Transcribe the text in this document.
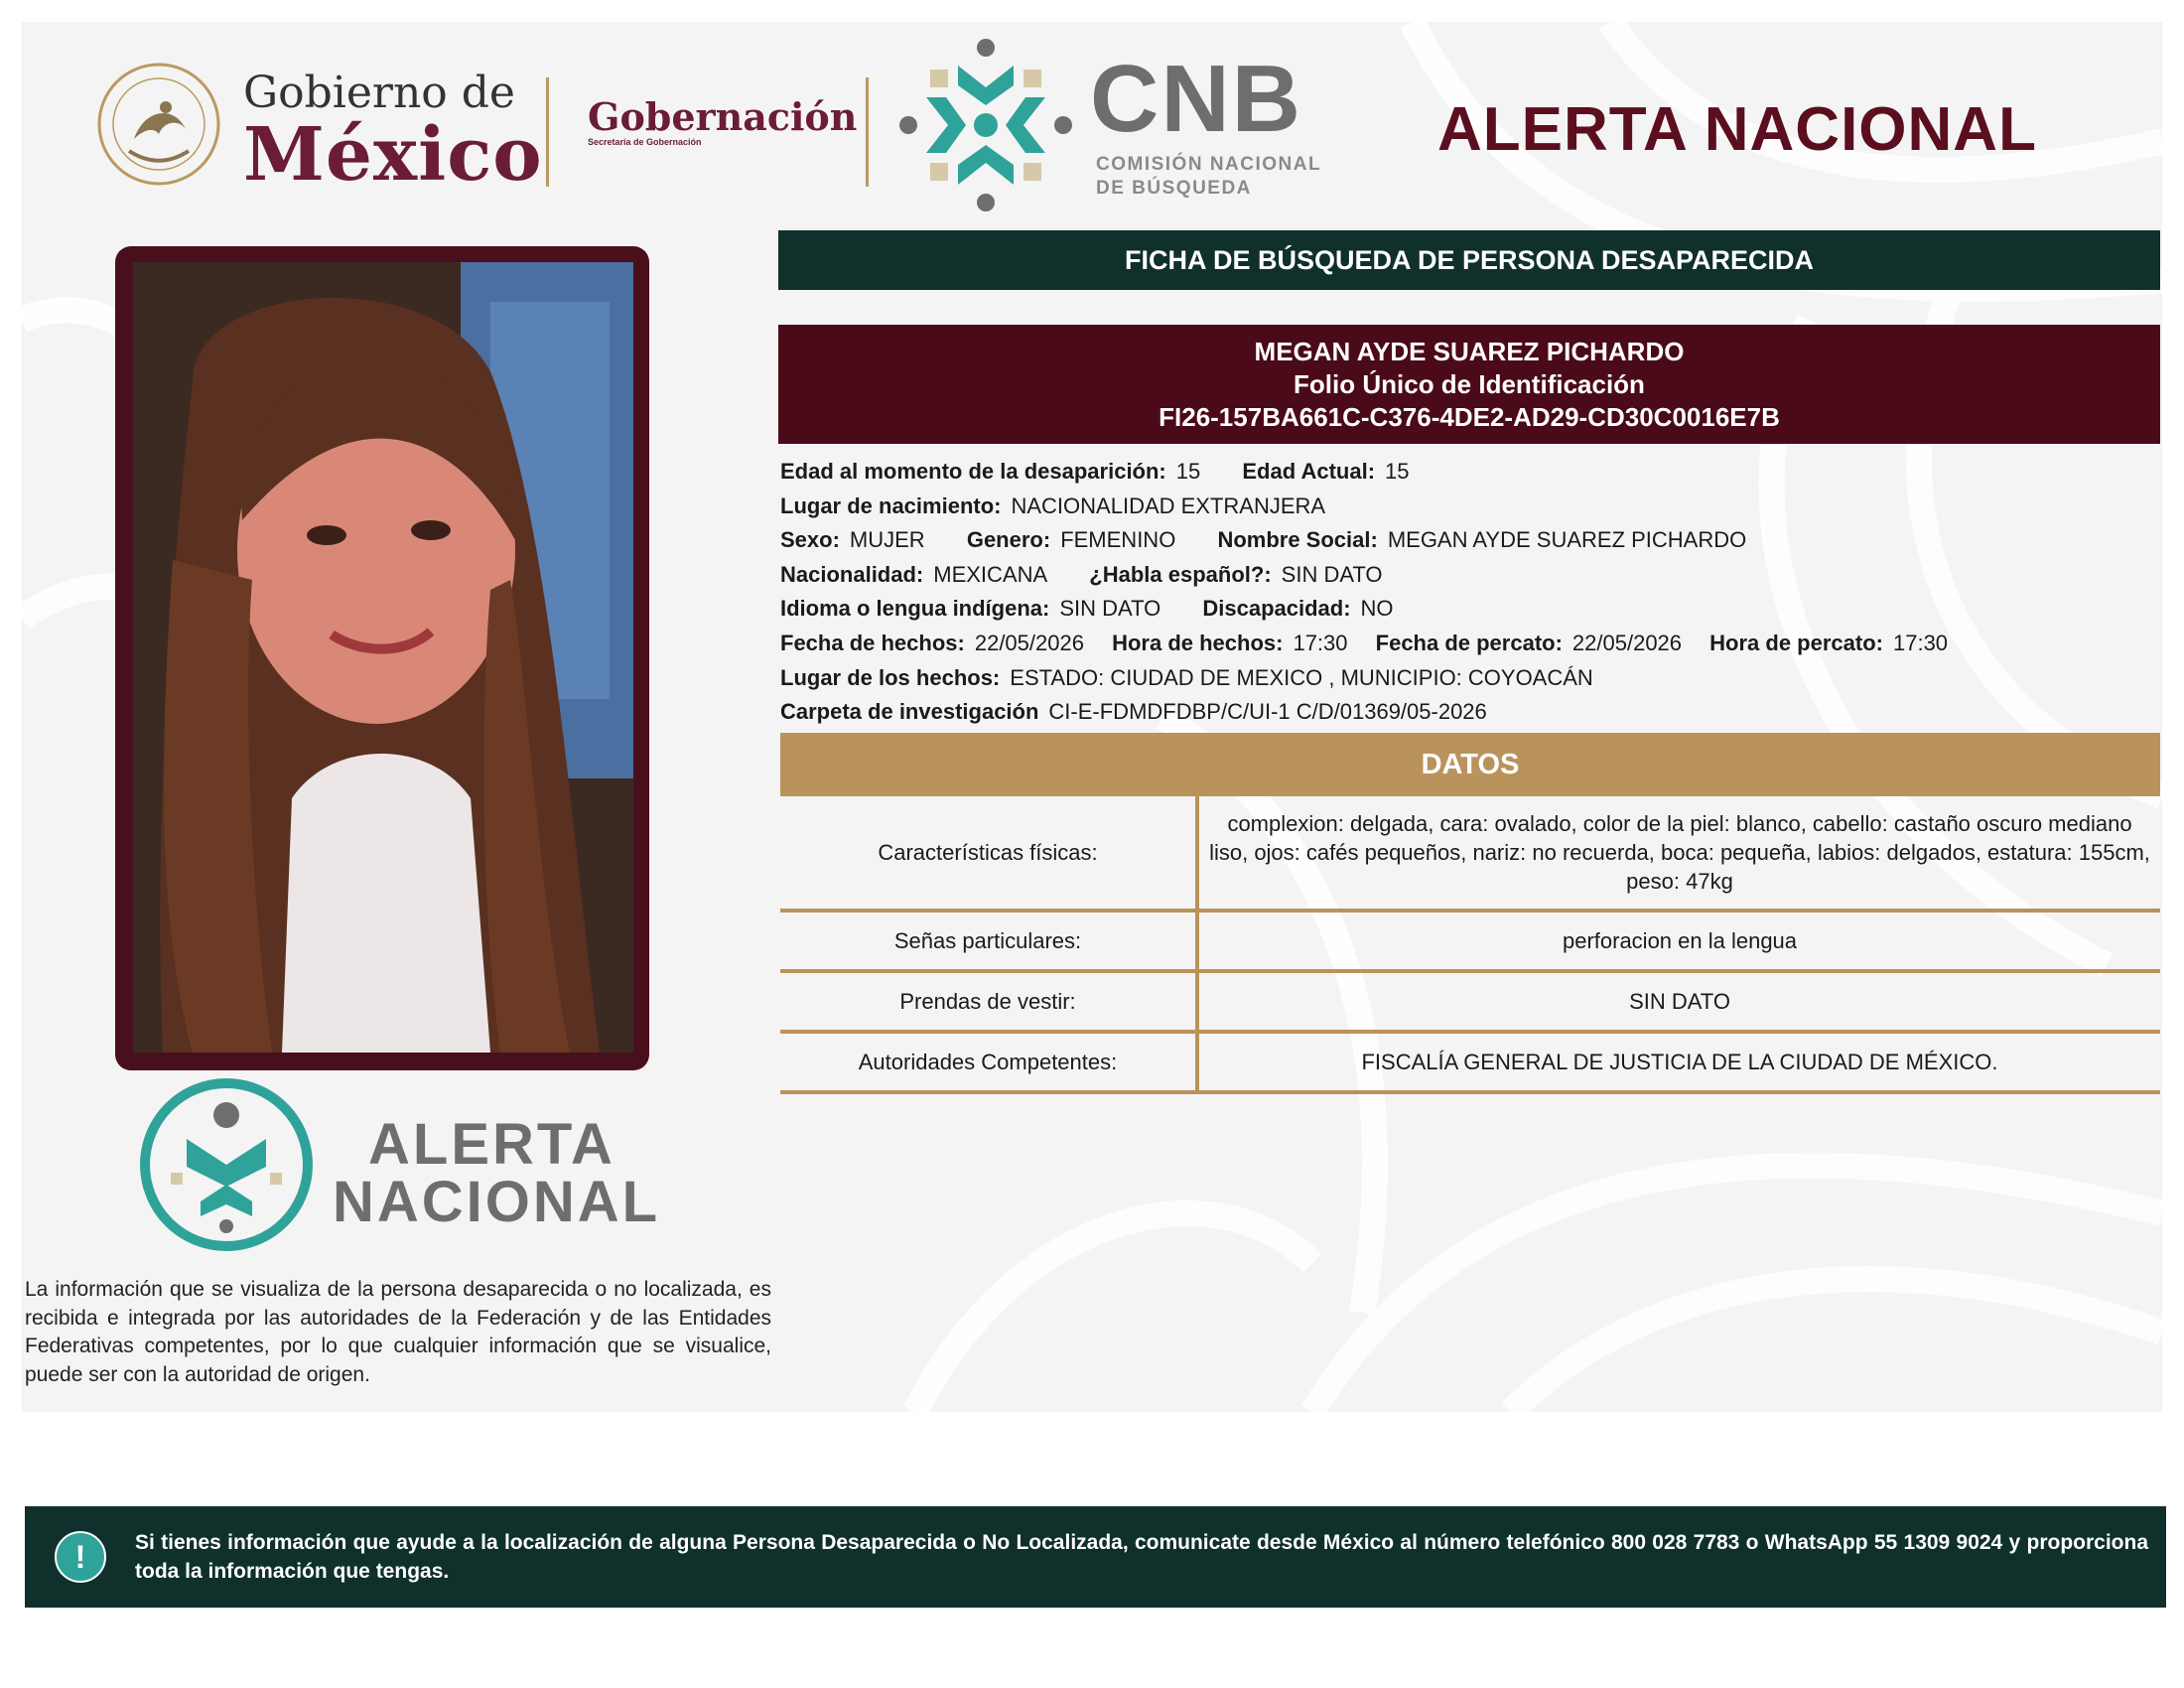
Gobierno de
México Gobernación
Secretaría de Gobernación	CNB
COMISIÓN NACIONAL
DE BÚSQUEDA
ALERTA NACIONAL
ALERTA
NACIONAL
La información que se visualiza de la persona desaparecida o no localizada, es recibida e integrada por las autoridades de la Federación y de las Entidades Federativas competentes, por lo que cualquier información que se visualice, puede ser con la autoridad de origen.
FICHA DE BÚSQUEDA DE PERSONA DESAPARECIDA
MEGAN AYDE SUAREZ PICHARDO
Folio Único de Identificación
FI26-157BA661C-C376-4DE2-AD29-CD30C0016E7B
Edad al momento de la desaparición: 15 Edad Actual: 15
Lugar de nacimiento: NACIONALIDAD EXTRANJERA
Sexo: MUJER Genero: FEMENINO Nombre Social: MEGAN AYDE SUAREZ PICHARDO
Nacionalidad: MEXICANA ¿Habla español?: SIN DATO
Idioma o lengua indígena: SIN DATO Discapacidad: NO
Fecha de hechos: 22/05/2026 Hora de hechos: 17:30 Fecha de percato: 22/05/2026 Hora de percato: 17:30
Lugar de los hechos: ESTADO: CIUDAD DE MEXICO , MUNICIPIO: COYOACÁN
Carpeta de investigación CI-E-FDMDFDBP/C/UI-1 C/D/01369/05-2026
DATOS
Características físicas:	complexion: delgada, cara: ovalado, color de la piel: blanco, cabello: castaño oscuro mediano liso, ojos: cafés pequeños, nariz: no recuerda, boca: pequeña, labios: delgados, estatura: 155cm, peso: 47kg
Señas particulares:	perforacion en la lengua
Prendas de vestir:	SIN DATO
Autoridades Competentes:	FISCALÍA GENERAL DE JUSTICIA DE LA CIUDAD DE MÉXICO.
!	Si tienes información que ayude a la localización de alguna Persona Desaparecida o No Localizada, comunicate desde México al número telefónico 800 028 7783 o WhatsApp 55 1309 9024 y proporciona toda la información que tengas.
